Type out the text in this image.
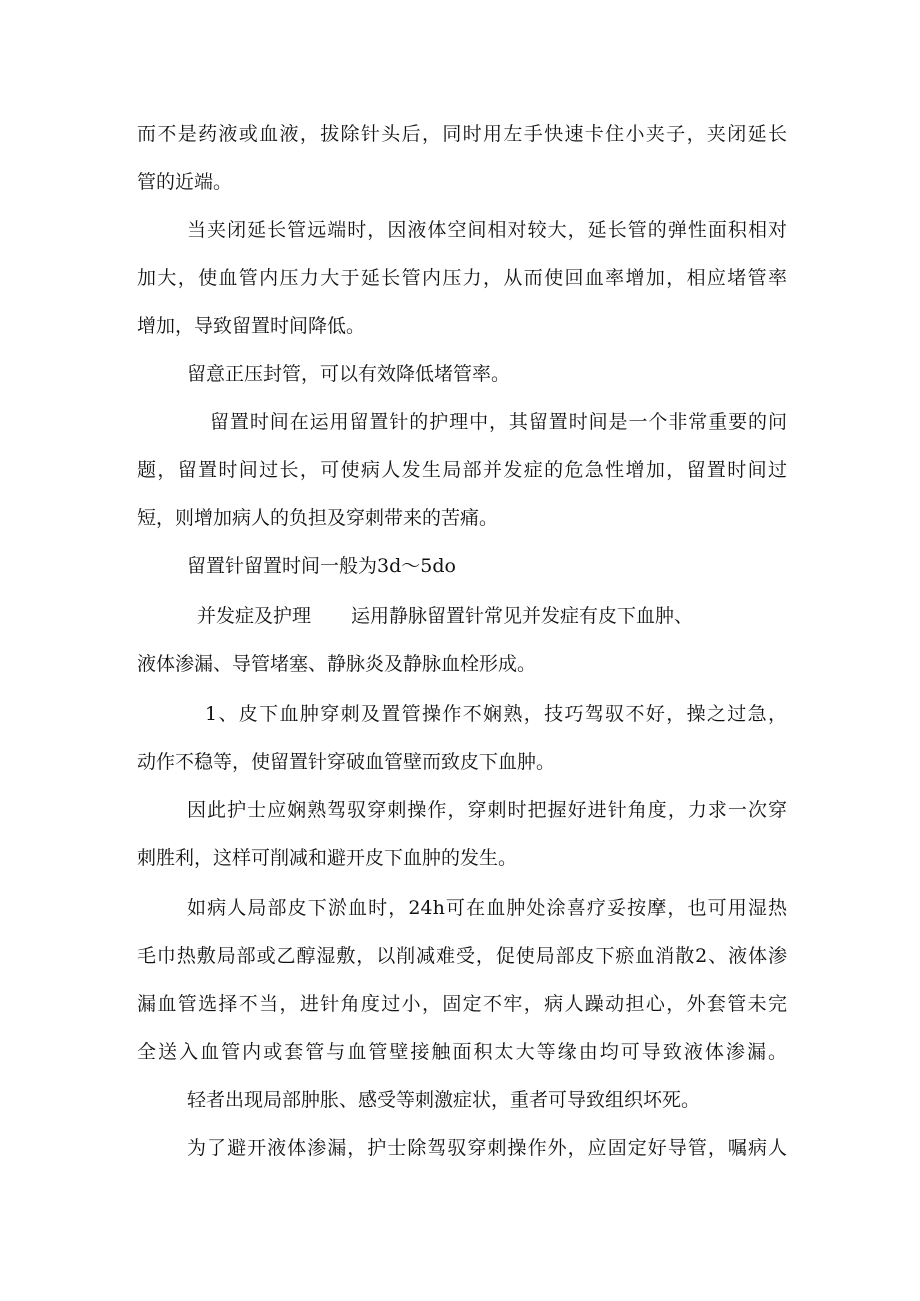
而不是药液或血液，拔除针头后，同时用左手快速卡住小夹子，夹闭延长
管的近端。
当夹闭延长管远端时，因液体空间相对较大，延长管的弹性面积相对
加大，使血管内压力大于延长管内压力，从而使回血率增加，相应堵管率
增加，导致留置时间降低。
留意正压封管，可以有效降低堵管率。
留置时间在运用留置针的护理中，其留置时间是一个非常重要的问
题，留置时间过长，可使病人发生局部并发症的危急性增加，留置时间过
短，则增加病人的负担及穿刺带来的苦痛。
留置针留置时间一般为3d～5do
并发症及护理 运用静脉留置针常见并发症有皮下血肿、
液体渗漏、导管堵塞、静脉炎及静脉血栓形成。
1、皮下血肿穿刺及置管操作不娴熟，技巧驾驭不好，操之过急，
动作不稳等，使留置针穿破血管壁而致皮下血肿。
因此护士应娴熟驾驭穿刺操作，穿刺时把握好进针角度，力求一次穿
刺胜利，这样可削减和避开皮下血肿的发生。
如病人局部皮下淤血时，24h可在血肿处涂喜疗妥按摩，也可用湿热
毛巾热敷局部或乙醇湿敷，以削减难受，促使局部皮下瘀血消散2、液体渗
漏血管选择不当，进针角度过小，固定不牢，病人躁动担心，外套管未完
全送入血管内或套管与血管壁接触面积太大等缘由均可导致液体渗漏。
轻者出现局部肿胀、感受等刺激症状，重者可导致组织坏死。
为了避开液体渗漏，护士除驾驭穿刺操作外，应固定好导管，嘱病人
